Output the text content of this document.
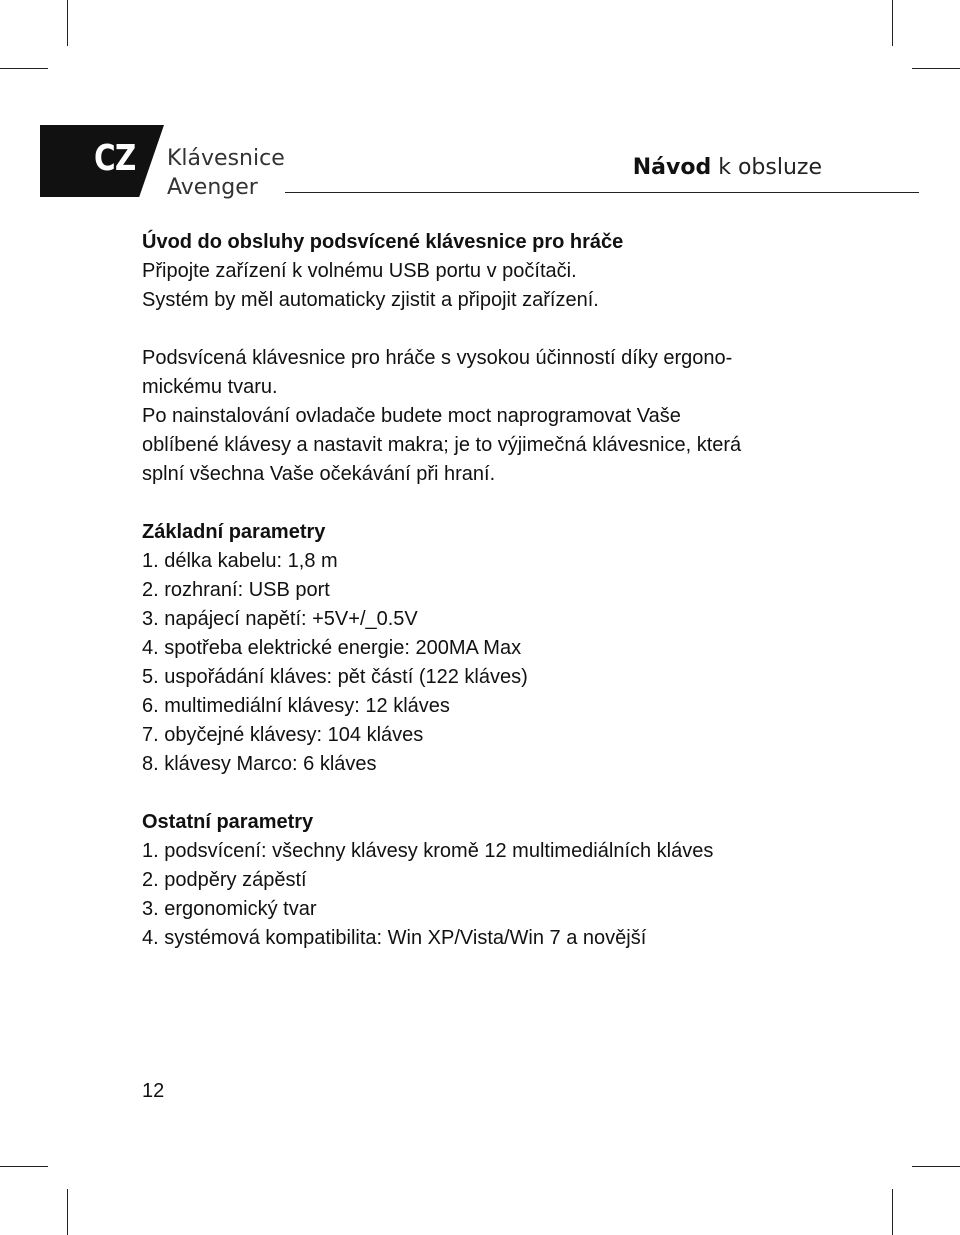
CZ Klávesnice
Avenger
Návod k obsluze
Úvod do obsluhy podsvícené klávesnice pro hráče

Připojte zařízení k volnému USB portu v počítači.

Systém by měl automaticky zjistit a připojit zařízení.

Podsvícená klávesnice pro hráče s vysokou účinností díky ergono-

mickému tvaru.

Po nainstalování ovladače budete moct naprogramovat Vaše

oblíbené klávesy a nastavit makra; je to výjimečná klávesnice, která

splní všechna Vaše očekávání při hraní.

Základní parametry
1. délka kabelu: 1,8 m
2. rozhraní: USB port
3. napájecí napětí: +5V+/_0.5V
4. spotřeba elektrické energie: 200MA Max
5. uspořádání kláves: pět částí (122 kláves)
6. multimediální klávesy: 12 kláves
7. obyčejné klávesy: 104 kláves
8. klávesy Marco: 6 kláves
Ostatní parametry
1. podsvícení: všechny klávesy kromě 12 multimediálních kláves
2. podpěry zápěstí
3. ergonomický tvar
4. systémová kompatibilita: Win XP/Vista/Win 7 a novější
12
